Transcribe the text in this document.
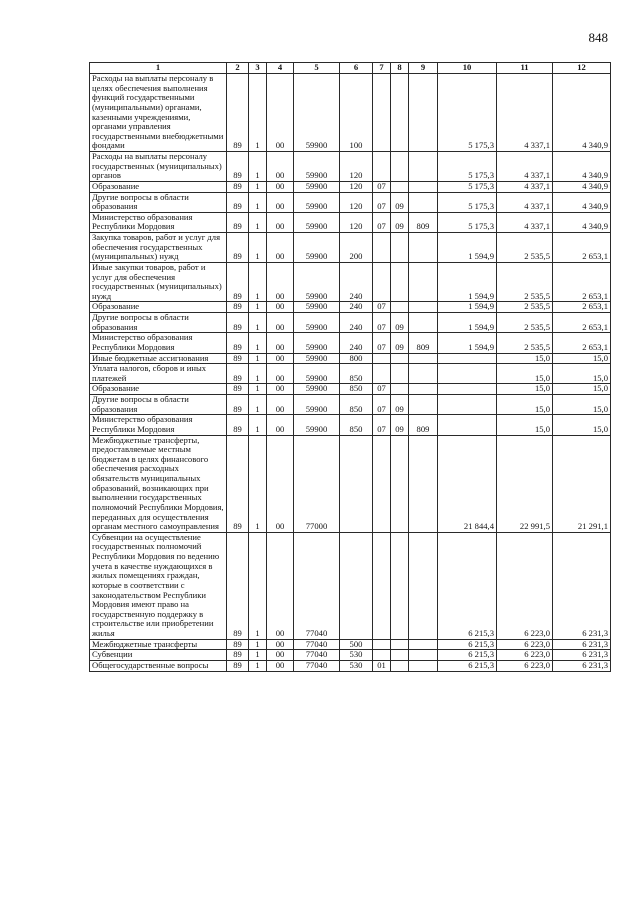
848
1	2	3	4	5	6	7	8	9	10	11	12
Расходы на выплаты персоналу в целях обеспечения выполнения функций государственными (муниципальными) органами, казенными учреждениями, органами управления государственными внебюджетными фондами	89	1	00	59900	100				5 175,3	4 337,1	4 340,9
Расходы на выплаты персоналу государственных (муниципальных) органов	89	1	00	59900	120				5 175,3	4 337,1	4 340,9
Образование	89	1	00	59900	120	07			5 175,3	4 337,1	4 340,9
Другие вопросы в области образования	89	1	00	59900	120	07	09		5 175,3	4 337,1	4 340,9
Министерство образования Республики Мордовия	89	1	00	59900	120	07	09	809	5 175,3	4 337,1	4 340,9
Закупка товаров, работ и услуг для обеспечения государственных (муниципальных) нужд	89	1	00	59900	200				1 594,9	2 535,5	2 653,1
Иные закупки товаров, работ и услуг для обеспечения государственных (муниципальных) нужд	89	1	00	59900	240				1 594,9	2 535,5	2 653,1
Образование	89	1	00	59900	240	07			1 594,9	2 535,5	2 653,1
Другие вопросы в области образования	89	1	00	59900	240	07	09		1 594,9	2 535,5	2 653,1
Министерство образования Республики Мордовия	89	1	00	59900	240	07	09	809	1 594,9	2 535,5	2 653,1
Иные бюджетные ассигнования	89	1	00	59900	800					15,0	15,0
Уплата налогов, сборов и иных платежей	89	1	00	59900	850					15,0	15,0
Образование	89	1	00	59900	850	07				15,0	15,0
Другие вопросы в области образования	89	1	00	59900	850	07	09			15,0	15,0
Министерство образования Республики Мордовия	89	1	00	59900	850	07	09	809		15,0	15,0
Межбюджетные трансферты, предоставляемые местным бюджетам в целях финансового обеспечения расходных обязательств муниципальных образований, возникающих при выполнении государственных полномочий Республики Мордовия, переданных для осуществления органам местного самоуправления	89	1	00	77000					21 844,4	22 991,5	21 291,1
Субвенции на осуществление государственных полномочий Республики Мордовия по ведению учета в качестве нуждающихся в жилых помещениях граждан, которые в соответствии с законодательством Республики Мордовия имеют право на государственную поддержку в строительстве или приобретении жилья	89	1	00	77040					6 215,3	6 223,0	6 231,3
Межбюджетные трансферты	89	1	00	77040	500				6 215,3	6 223,0	6 231,3
Субвенции	89	1	00	77040	530				6 215,3	6 223,0	6 231,3
Общегосударственные вопросы	89	1	00	77040	530	01			6 215,3	6 223,0	6 231,3
